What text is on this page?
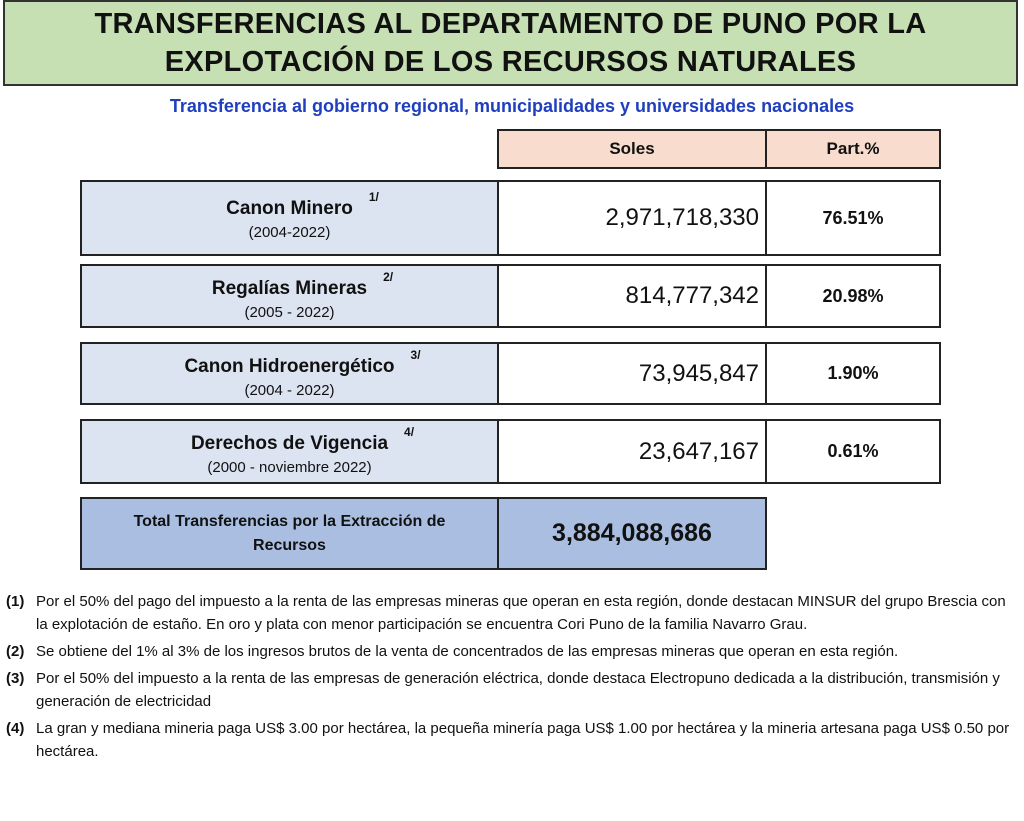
TRANSFERENCIAS AL DEPARTAMENTO DE PUNO POR LA
EXPLOTACIÓN DE LOS RECURSOS NATURALES
Transferencia al gobierno regional, municipalidades y universidades nacionales
Soles	Part.%
Canon Minero
1/
(2004-2022)
2,971,718,330	76.51%
Regalías Mineras
2/
(2005 - 2022)
814,777,342	20.98%
Canon Hidroenergético
3/
(2004 - 2022)
73,945,847	1.90%
Derechos de Vigencia
4/
(2000 - noviembre 2022)
23,647,167	0.61%
Total Transferencias por la Extracción de Recursos	3,884,088,686
(1) Por el 50% del pago del impuesto a la renta de las empresas mineras que operan en esta región, donde destacan MINSUR del grupo Brescia con la explotación de estaño. En oro y plata con menor participación se encuentra Cori Puno de la familia Navarro Grau.
(2) Se obtiene del 1% al 3% de los ingresos brutos de la venta de concentrados de las empresas mineras que operan en esta región.
(3) Por el 50% del impuesto a la renta de las empresas de generación eléctrica, donde destaca Electropuno dedicada a la distribución, transmisión y generación de electricidad
(4) La gran y mediana mineria paga US$ 3.00 por hectárea, la pequeña minería paga US$ 1.00 por hectárea y la mineria artesana paga US$ 0.50 por hectárea.
